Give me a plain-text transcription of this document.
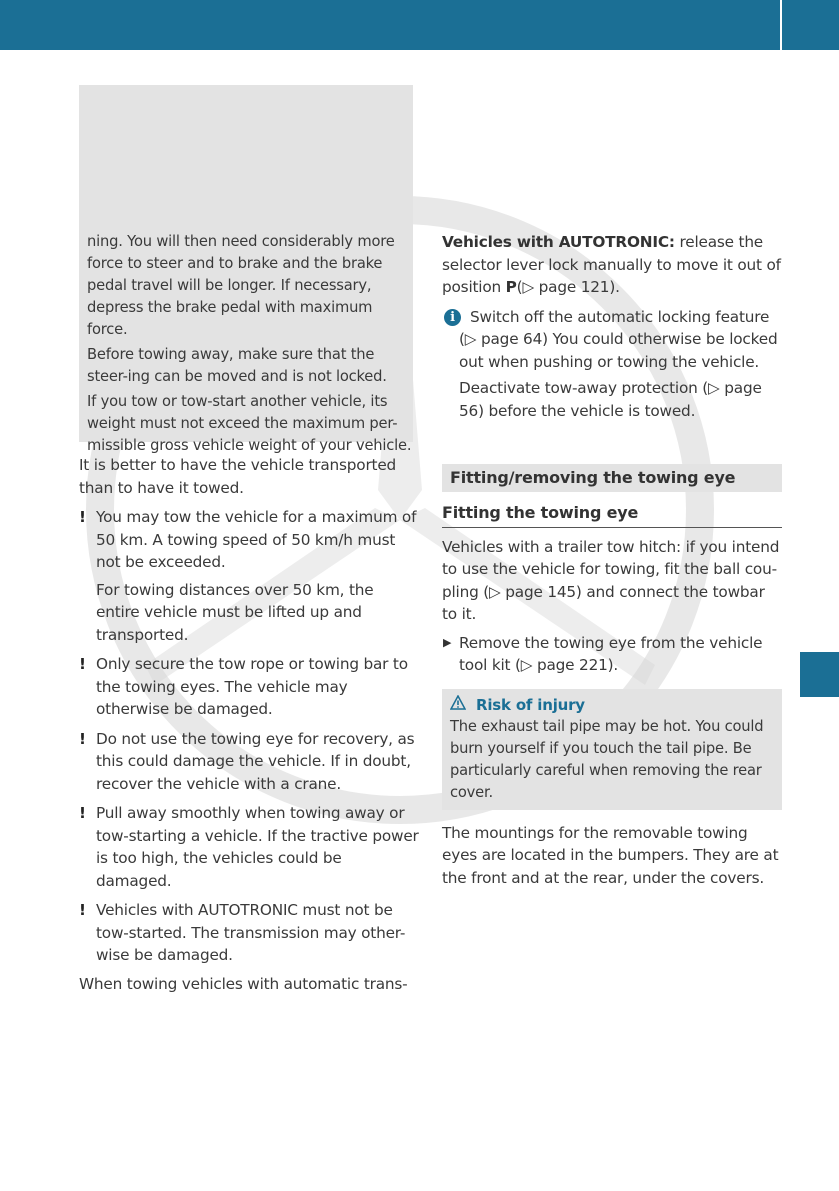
ning. You will then need considerably more force to steer and to brake and the brake pedal travel will be longer. If necessary, depress the brake pedal with maximum force.

Before towing away, make sure that the steer-ing can be moved and is not locked.

If you tow or tow-start another vehicle, its weight must not exceed the maximum per-missible gross vehicle weight of your vehicle.

It is better to have the vehicle transported than to have it towed.

! You may tow the vehicle for a maximum of 50 km. A towing speed of 50 km/h must not be exceeded.

For towing distances over 50 km, the entire vehicle must be lifted up and transported.

! Only secure the tow rope or towing bar to the towing eyes. The vehicle may otherwise be damaged.

! Do not use the towing eye for recovery, as this could damage the vehicle. If in doubt, recover the vehicle with a crane.

! Pull away smoothly when towing away or tow-starting a vehicle. If the tractive power is too high, the vehicles could be damaged.

! Vehicles with AUTOTRONIC must not be tow-started. The transmission may other-wise be damaged.

When towing vehicles with automatic trans-

Vehicles with AUTOTRONIC: release the selector lever lock manually to move it out of position P(▷ page 121).

i Switch off the automatic locking feature (▷ page 64) You could otherwise be locked out when pushing or towing the vehicle.

Deactivate tow-away protection (▷ page 56) before the vehicle is towed.

Fitting/removing the towing eye

Fitting the towing eye

Vehicles with a trailer tow hitch: if you intend to use the vehicle for towing, fit the ball cou-pling (▷ page 145) and connect the towbar to it.

▶ Remove the towing eye from the vehicle tool kit (▷ page 221).

Risk of injury

The exhaust tail pipe may be hot. You could burn yourself if you touch the tail pipe. Be particularly careful when removing the rear cover.

The mountings for the removable towing eyes are located in the bumpers. They are at the front and at the rear, under the covers.
